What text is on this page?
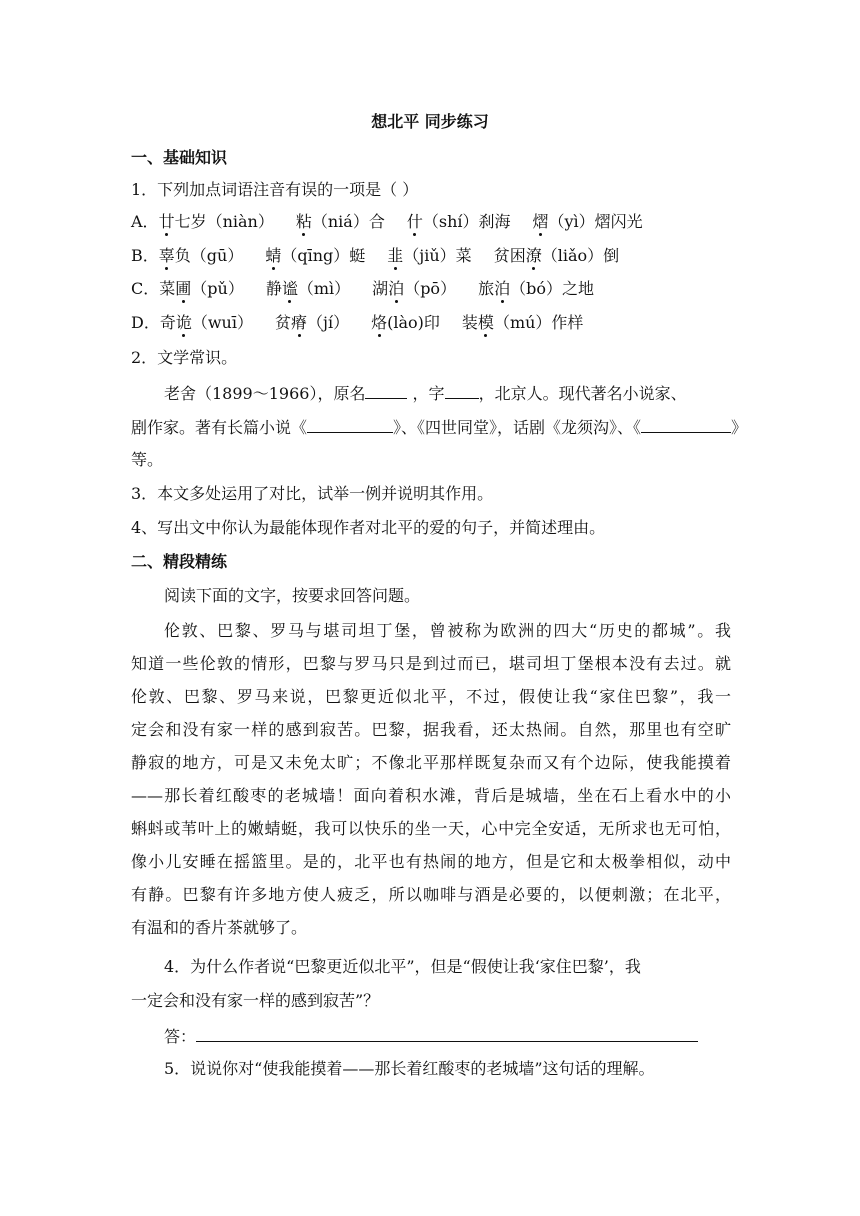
想北平 同步练习
一、基础知识
1．下列加点词语注音有误的一项是（ ）
A．廿七岁（niàn） 粘（niá）合 什（shí）刹海 熠（yì）熠闪光
B．辜负（gū） 蜻（qīng）蜓 韭（jiǔ）菜 贫困潦（liǎo）倒
C．菜圃（pǔ） 静谧（mì） 湖泊（pō） 旅泊（bó）之地
D．奇诡（wuī） 贫瘠（jí） 烙(lào)印 装模（mú）作样
2．文学常识。
老舍（1899～1966），原名	，字 ，北京人。现代著名小说家、
剧作家。著有长篇小说《	》、《四世同堂》，话剧《龙须沟》、《	》
等。
3．本文多处运用了对比，试举一例并说明其作用。
4、写出文中你认为最能体现作者对北平的爱的句子，并简述理由。
二、精段精练
阅读下面的文字，按要求回答问题。
伦敦、巴黎、罗马与堪司坦丁堡，曾被称为欧洲的四大“历史的都城”。我
知道一些伦敦的情形，巴黎与罗马只是到过而已，堪司坦丁堡根本没有去过。就
伦敦、巴黎、罗马来说，巴黎更近似北平，不过，假使让我“家住巴黎”，我一
定会和没有家一样的感到寂苦。巴黎，据我看，还太热闹。自然，那里也有空旷
静寂的地方，可是又未免太旷；不像北平那样既复杂而又有个边际，使我能摸着
——那长着红酸枣的老城墙！面向着积水滩，背后是城墙，坐在石上看水中的小
蝌蚪或苇叶上的嫩蜻蜓，我可以快乐的坐一天，心中完全安适，无所求也无可怕，
像小儿安睡在摇篮里。是的，北平也有热闹的地方，但是它和太极拳相似，动中
有静。巴黎有许多地方使人疲乏，所以咖啡与酒是必要的，以便刺激；在北平，
有温和的香片茶就够了。
4．为什么作者说“巴黎更近似北平”，但是“假使让我‘家住巴黎’，我
一定会和没有家一样的感到寂苦”？
答：
5．说说你对“使我能摸着——那长着红酸枣的老城墙”这句话的理解。
